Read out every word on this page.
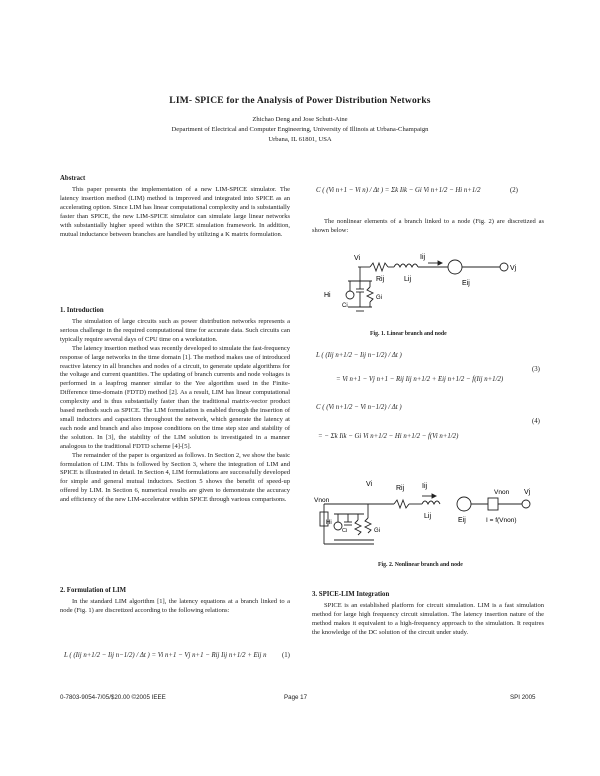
LIM- SPICE for the Analysis of Power Distribution Networks
Zhichao Deng and Jose Schutt-Aine
Department of Electrical and Computer Engineering, University of Illinois at Urbana-Champaign
Urbana, IL 61801, USA
Abstract

This paper presents the implementation of a new LIM-SPICE simulator. The latency insertion method (LIM) method is improved and integrated into SPICE as an accelerating option. Since LIM has linear computational complexity and is substantially faster than SPICE, the new LIM-SPICE simulator can simulate large linear networks with substantially higher speed within the SPICE simulation framework. In addition, mutual inductance between branches are handled by utilizing a K matrix formulation.

1. Introduction

The simulation of large circuits such as power distribution networks represents a serious challenge in the required computational time for accurate data. Such circuits can typically require several days of CPU time on a workstation.

The latency insertion method was recently developed to simulate the fast-frequency response of large networks in the time domain [1]. The method makes use of introduced reactive latency in all branches and nodes of a circuit, to generate update algorithms for the voltage and current quantities. The updating of branch currents and node voltages is performed in a leapfrog manner similar to the Yee algorithm used in the Finite-Difference time-domain (FDTD) method [2]. As a result, LIM has linear computational complexity and is thus substantially faster than the traditional matrix-vector product based methods such as SPICE. The LIM formulation is enabled through the insertion of small inductors and capacitors throughout the network, which generate the latency at each node and branch and also impose conditions on the time step size and stability of the solution. In [3], the stability of the LIM solution is investigated in a manner analogous to the traditional FDTD scheme [4]-[5].

The remainder of the paper is organized as follows. In Section 2, we show the basic formulation of LIM. This is followed by Section 3, where the integration of LIM and SPICE is illustrated in detail. In Section 4, LIM formulations are successfully developed for simple and general mutual inductors. Section 5 shows the benefit of speed-up offered by LIM. In Section 6, numerical results are given to demonstrate the accuracy and efficiency of the new LIM-accelerator within SPICE through various comparisons.

2. Formulation of LIM

In the standard LIM algorithm [1], the latency equations at a branch linked to a node (Fig. 1) are discretized according to the following relations:

L ( (Iij n+1/2 − Iij n−1/2) / Δt ) = Vi n+1 − Vj n+1 − Rij Iij n+1/2 + Eij n (1)
C ( (Vi n+1 − Vi n) / Δt ) = Σk Iik − Gi Vi n+1/2 − Hi n+1/2	(2)

The nonlinear elements of a branch linked to a node (Fig. 2) are discretized as shown below:

Vi	Iij
Vj
Rij	Lij
Eij
Hi
Ci
Gi
Fig. 1. Linear branch and node
L ( (Iij n+1/2 − Iij n−1/2) / Δt )
= Vi n+1 − Vj n+1 − Rij Iij n+1/2 + Eij n+1/2 − f(Iij n+1/2)
(3)
C ( (Vi n+1/2 − Vi n−1/2) / Δt )
= − Σk Iik − Gi Vi n+1/2 − Hi n+1/2 − f(Vi n+1/2)
(4)
Vnon
Vi
Rij	Iij
Hi
Ci	Gi
Lij
Eij
Vnon Vj
I = f(Vnon)
Fig. 2. Nonlinear branch and node
3. SPICE-LIM Integration

SPICE is an established platform for circuit simulation. LIM is a fast simulation method for large high frequency circuit simulation. The latency insertion nature of the method makes it equivalent to a high-frequency approach to the simulation. It requires the knowledge of the DC solution of the circuit under study.

0-7803-9054-7/05/$20.00 ©2005 IEEE	Page 17	SPI 2005
